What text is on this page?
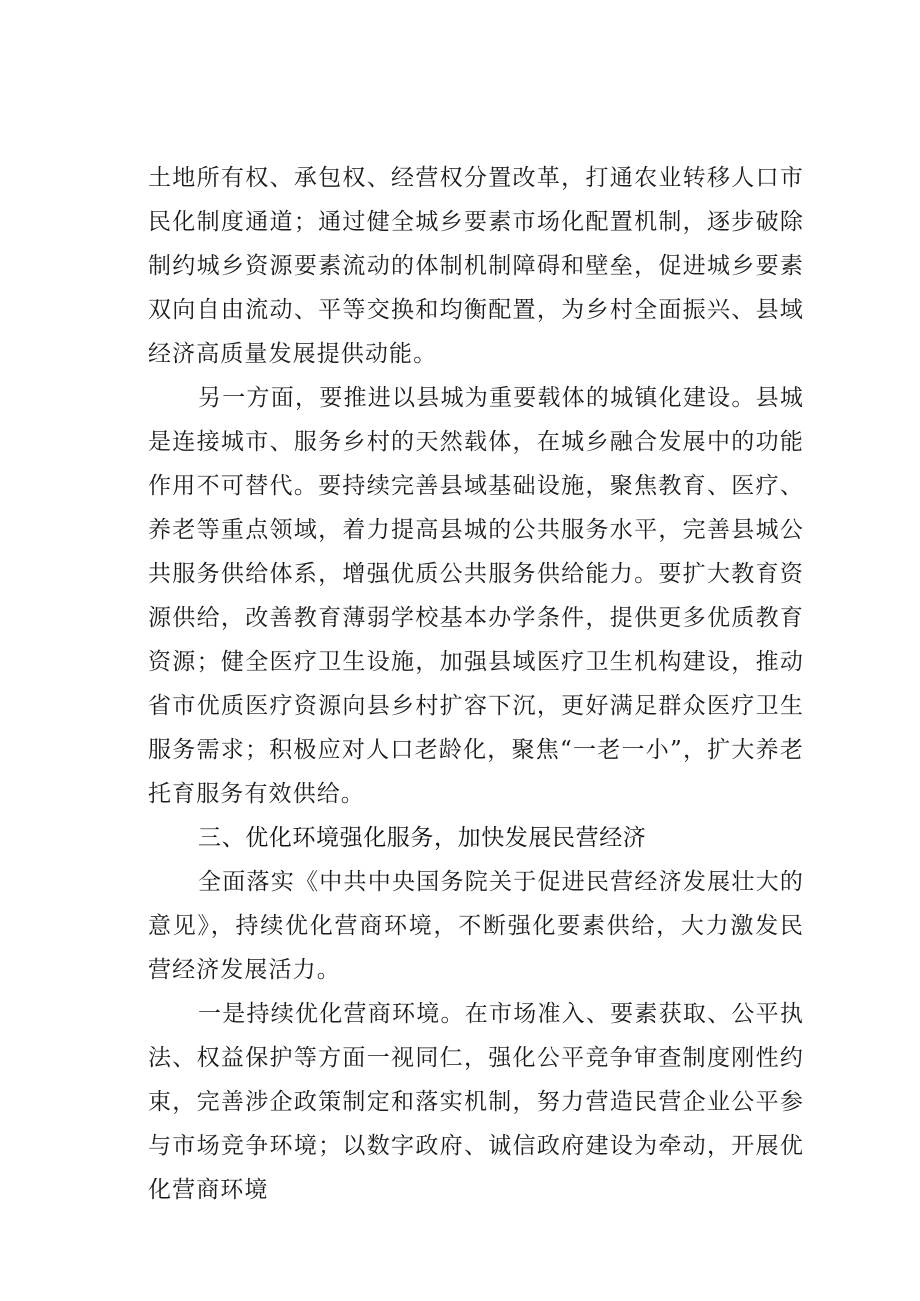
土地所有权、承包权、经营权分置改革，打通农业转移人口市民化制度通道；通过健全城乡要素市场化配置机制，逐步破除制约城乡资源要素流动的体制机制障碍和壁垒，促进城乡要素双向自由流动、平等交换和均衡配置，为乡村全面振兴、县域经济高质量发展提供动能。

另一方面，要推进以县城为重要载体的城镇化建设。县城是连接城市、服务乡村的天然载体，在城乡融合发展中的功能作用不可替代。要持续完善县域基础设施，聚焦教育、医疗、养老等重点领域，着力提高县城的公共服务水平，完善县城公共服务供给体系，增强优质公共服务供给能力。要扩大教育资源供给，改善教育薄弱学校基本办学条件，提供更多优质教育资源；健全医疗卫生设施，加强县域医疗卫生机构建设，推动省市优质医疗资源向县乡村扩容下沉，更好满足群众医疗卫生服务需求；积极应对人口老龄化，聚焦“一老一小”，扩大养老托育服务有效供给。

三、优化环境强化服务，加快发展民营经济

全面落实《中共中央国务院关于促进民营经济发展壮大的意见》，持续优化营商环境，不断强化要素供给，大力激发民营经济发展活力。

一是持续优化营商环境。在市场准入、要素获取、公平执法、权益保护等方面一视同仁，强化公平竞争审查制度刚性约束，完善涉企政策制定和落实机制，努力营造民营企业公平参与市场竞争环境；以数字政府、诚信政府建设为牵动，开展优化营商环境
